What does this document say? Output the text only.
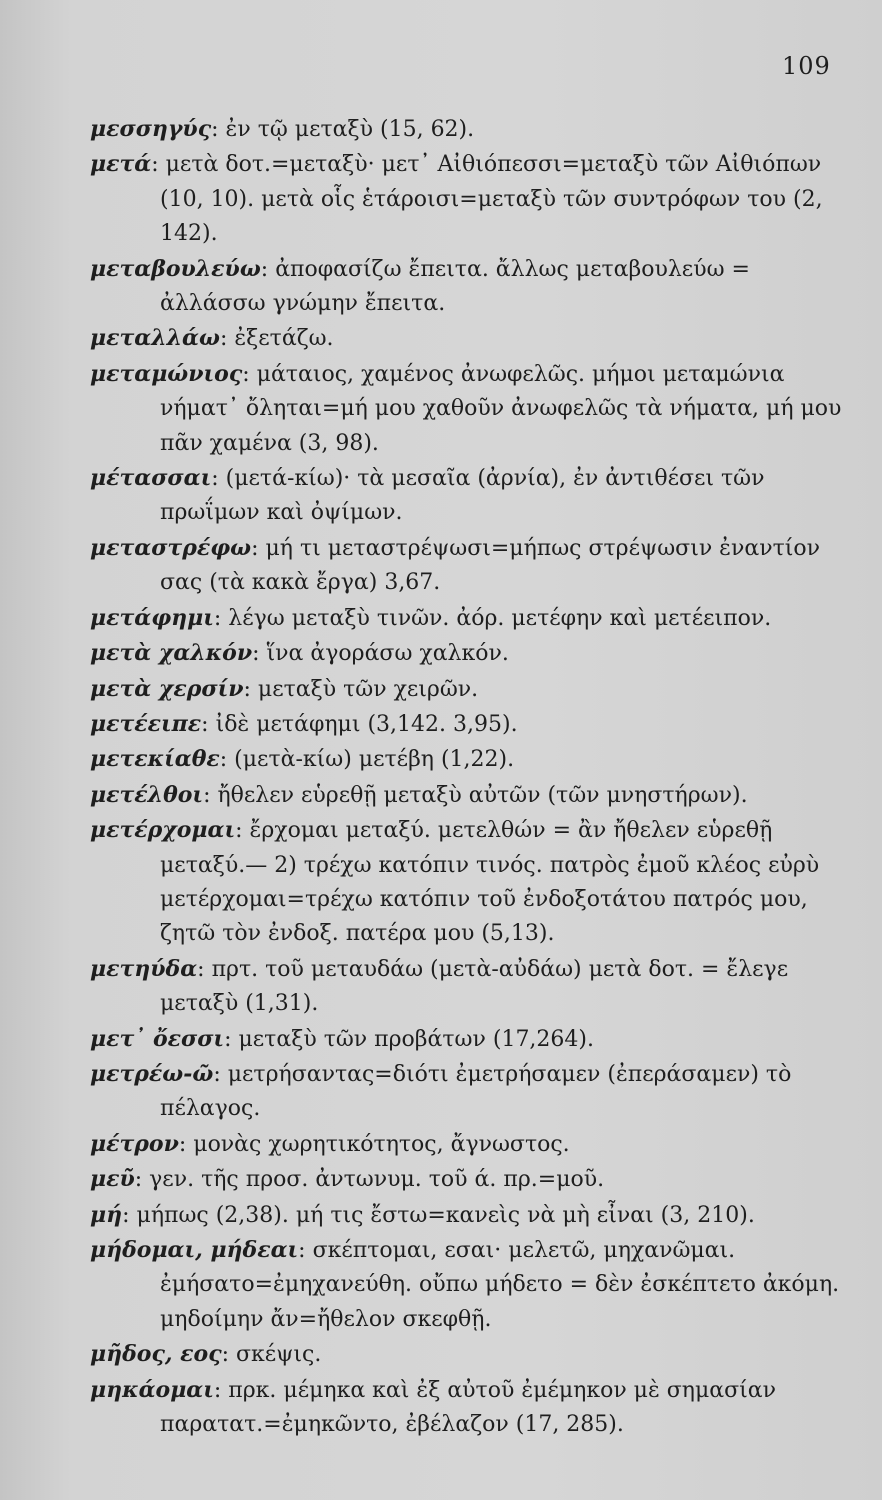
109

μεσσηγύς: ἐν τῷ μεταξὺ (15, 62).

μετά: μετὰ δοτ.=μεταξὺ· μετ᾽ Αἰθιόπεσσι=μεταξὺ τῶν Αἰθιόπων (10, 10). μετὰ οἷς ἑτάροισι=μεταξὺ τῶν συντρόφων του (2, 142).

μεταβουλεύω: ἀποφασίζω ἔπειτα. ἄλλως μεταβουλεύω = ἀλλάσσω γνώμην ἔπειτα.

μεταλλάω: ἐξετάζω.

μεταμώνιος: μάταιος, χαμένος ἀνωφελῶς. μήμοι μεταμώνια νήματ᾽ ὄληται=μή μου χαθοῦν ἀνωφελῶς τὰ νήματα, μή μου πᾶν χαμένα (3, 98).

μέτασσαι: (μετά-κίω)· τὰ μεσαῖα (ἀρνία), ἐν ἀντιθέσει τῶν πρωΐμων καὶ ὀψίμων.

μεταστρέφω: μή τι μεταστρέψωσι=μήπως στρέψωσιν ἐναντίον σας (τὰ κακὰ ἔργα) 3,67.

μετάφημι: λέγω μεταξὺ τινῶν. ἀόρ. μετέφην καὶ μετέειπον.

μετὰ χαλκόν: ἵνα ἀγοράσω χαλκόν.

μετὰ χερσίν: μεταξὺ τῶν χειρῶν.

μετέειπε: ἰδὲ μετάφημι (3,142. 3,95).

μετεκίαθε: (μετὰ-κίω) μετέβη (1,22).

μετέλθοι: ἤθελεν εὑρεθῇ μεταξὺ αὐτῶν (τῶν μνηστήρων).

μετέρχομαι: ἔρχομαι μεταξύ. μετελθών = ἂν ἤθελεν εὑρεθῇ μεταξύ.— 2) τρέχω κατόπιν τινός. πατρὸς ἐμοῦ κλέος εὐρὺ μετέρχομαι=τρέχω κατόπιν τοῦ ἐνδοξοτάτου πατρός μου, ζητῶ τὸν ἐνδοξ. πατέρα μου (5,13).

μετηύδα: πρτ. τοῦ μεταυδάω (μετὰ-αὐδάω) μετὰ δοτ. = ἔλεγε μεταξὺ (1,31).

μετ᾽ ὄεσσι: μεταξὺ τῶν προβάτων (17,264).

μετρέω-ῶ: μετρήσαντας=διότι ἐμετρήσαμεν (ἐπεράσαμεν) τὸ πέλαγος.

μέτρον: μονὰς χωρητικότητος, ἄγνωστος.

μεῦ: γεν. τῆς προσ. ἀντωνυμ. τοῦ ά. πρ.=μοῦ.

μή: μήπως (2,38). μή τις ἔστω=κανεὶς νὰ μὴ εἶναι (3, 210).

μήδομαι, μήδεαι: σκέπτομαι, εσαι· μελετῶ, μηχανῶμαι. ἐμήσατο=ἐμηχανεύθη. οὔπω μήδετο = δὲν ἐσκέπτετο ἀκόμη. μηδοίμην ἄν=ἤθελον σκεφθῇ.

μῆδος, εος: σκέψις.

μηκάομαι: πρκ. μέμηκα καὶ ἐξ αὐτοῦ ἐμέμηκον μὲ σημασίαν παρατατ.=ἐμηκῶντο, ἐβέλαζον (17, 285).
